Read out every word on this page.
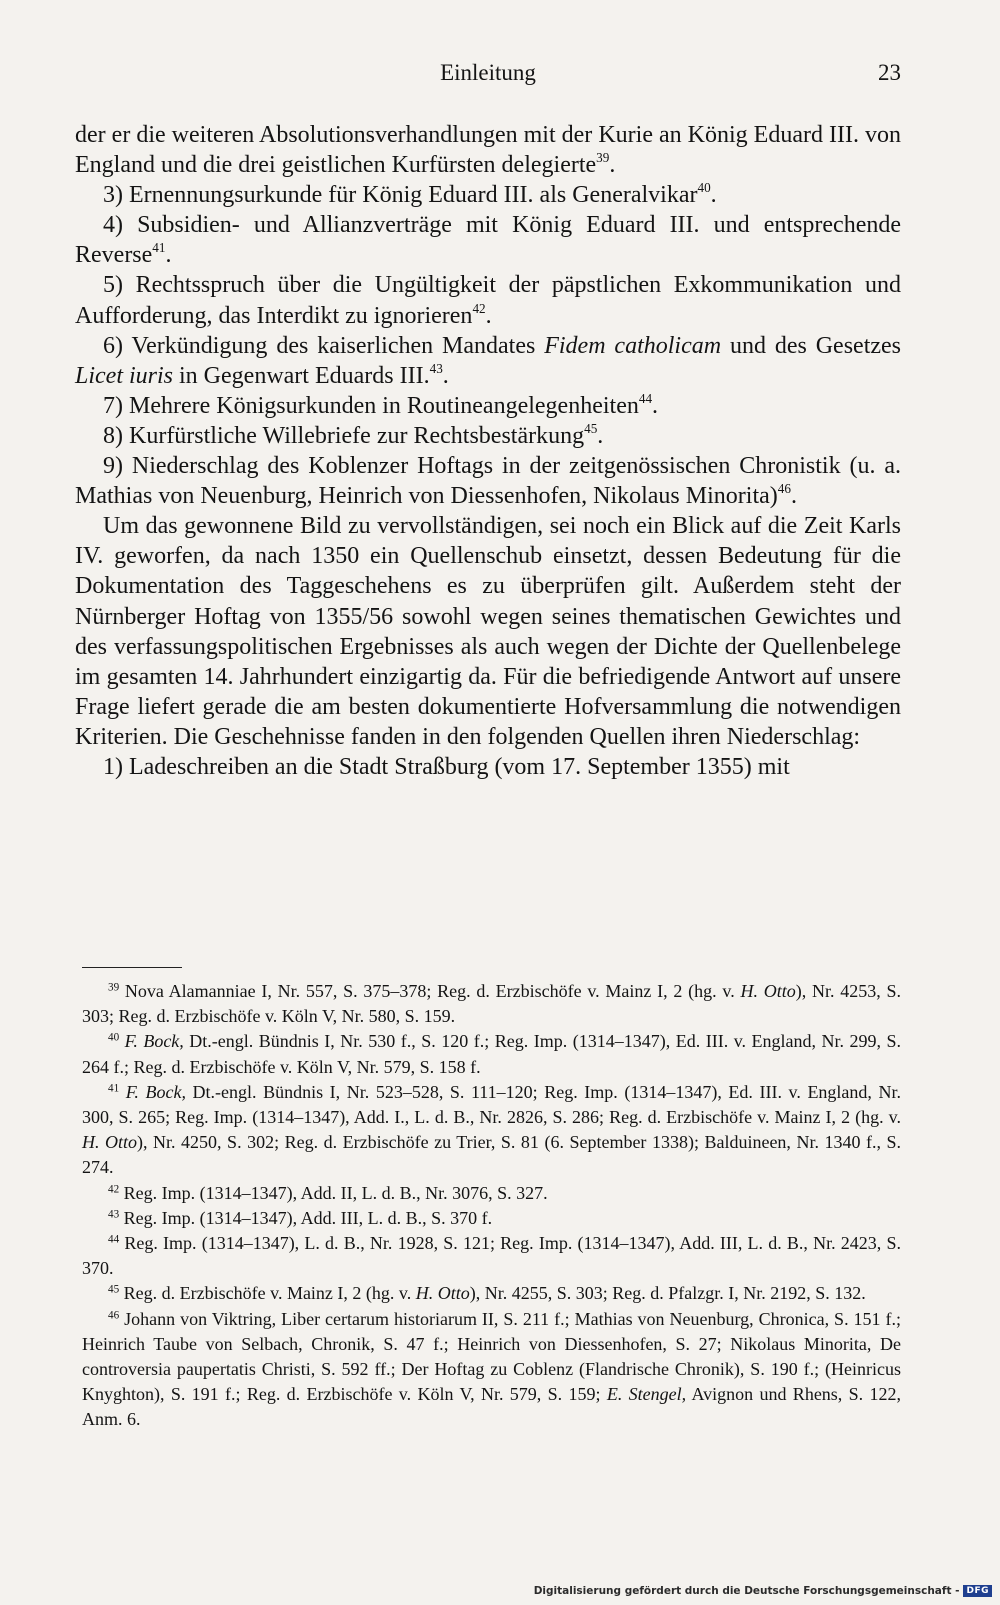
Einleitung	23

der er die weiteren Absolutionsverhandlungen mit der Kurie an König Eduard III. von England und die drei geistlichen Kurfürsten delegierte$^{39}$.

3) Ernennungsurkunde für König Eduard III. als Generalvikar$^{40}$.

4) Subsidien- und Allianzverträge mit König Eduard III. und entsprechende Reverse$^{41}$.

5) Rechtsspruch über die Ungültigkeit der päpstlichen Exkommunikation und Aufforderung, das Interdikt zu ignorieren$^{42}$.

6) Verkündigung des kaiserlichen Mandates Fidem catholicam und des Gesetzes Licet iuris in Gegenwart Eduards III.$^{43}$.

7) Mehrere Königsurkunden in Routineangelegenheiten$^{44}$.

8) Kurfürstliche Willebriefe zur Rechtsbestärkung$^{45}$.

9) Niederschlag des Koblenzer Hoftags in der zeitgenössischen Chronistik (u. a. Mathias von Neuenburg, Heinrich von Diessenhofen, Nikolaus Minorita)$^{46}$.

Um das gewonnene Bild zu vervollständigen, sei noch ein Blick auf die Zeit Karls IV. geworfen, da nach 1350 ein Quellenschub einsetzt, dessen Bedeutung für die Dokumentation des Taggeschehens es zu überprüfen gilt. Außerdem steht der Nürnberger Hoftag von 1355/56 sowohl wegen seines thematischen Gewichtes und des verfassungspolitischen Ergebnisses als auch wegen der Dichte der Quellenbelege im gesamten 14. Jahrhundert einzigartig da. Für die befriedigende Antwort auf unsere Frage liefert gerade die am besten dokumentierte Hofversammlung die notwendigen Kriterien. Die Geschehnisse fanden in den folgenden Quellen ihren Niederschlag:

1) Ladeschreiben an die Stadt Straßburg (vom 17. September 1355) mit

$^{39}$ Nova Alamanniae I, Nr. 557, S. 375–378; Reg. d. Erzbischöfe v. Mainz I, 2 (hg. v. H. Otto), Nr. 4253, S. 303; Reg. d. Erzbischöfe v. Köln V, Nr. 580, S. 159.

$^{40}$ F. Bock, Dt.-engl. Bündnis I, Nr. 530 f., S. 120 f.; Reg. Imp. (1314–1347), Ed. III. v. England, Nr. 299, S. 264 f.; Reg. d. Erzbischöfe v. Köln V, Nr. 579, S. 158 f.

$^{41}$ F. Bock, Dt.-engl. Bündnis I, Nr. 523–528, S. 111–120; Reg. Imp. (1314–1347), Ed. III. v. England, Nr. 300, S. 265; Reg. Imp. (1314–1347), Add. I., L. d. B., Nr. 2826, S. 286; Reg. d. Erzbischöfe v. Mainz I, 2 (hg. v. H. Otto), Nr. 4250, S. 302; Reg. d. Erzbischöfe zu Trier, S. 81 (6. September 1338); Balduineen, Nr. 1340 f., S. 274.

$^{42}$ Reg. Imp. (1314–1347), Add. II, L. d. B., Nr. 3076, S. 327.

$^{43}$ Reg. Imp. (1314–1347), Add. III, L. d. B., S. 370 f.

$^{44}$ Reg. Imp. (1314–1347), L. d. B., Nr. 1928, S. 121; Reg. Imp. (1314–1347), Add. III, L. d. B., Nr. 2423, S. 370.

$^{45}$ Reg. d. Erzbischöfe v. Mainz I, 2 (hg. v. H. Otto), Nr. 4255, S. 303; Reg. d. Pfalzgr. I, Nr. 2192, S. 132.

$^{46}$ Johann von Viktring, Liber certarum historiarum II, S. 211 f.; Mathias von Neuenburg, Chronica, S. 151 f.; Heinrich Taube von Selbach, Chronik, S. 47 f.; Heinrich von Diessenhofen, S. 27; Nikolaus Minorita, De controversia paupertatis Christi, S. 592 ff.; Der Hoftag zu Coblenz (Flandrische Chronik), S. 190 f.; (Heinricus Knyghton), S. 191 f.; Reg. d. Erzbischöfe v. Köln V, Nr. 579, S. 159; E. Stengel, Avignon und Rhens, S. 122, Anm. 6.

Digitalisierung gefördert durch die Deutsche Forschungsgemeinschaft - DFG
